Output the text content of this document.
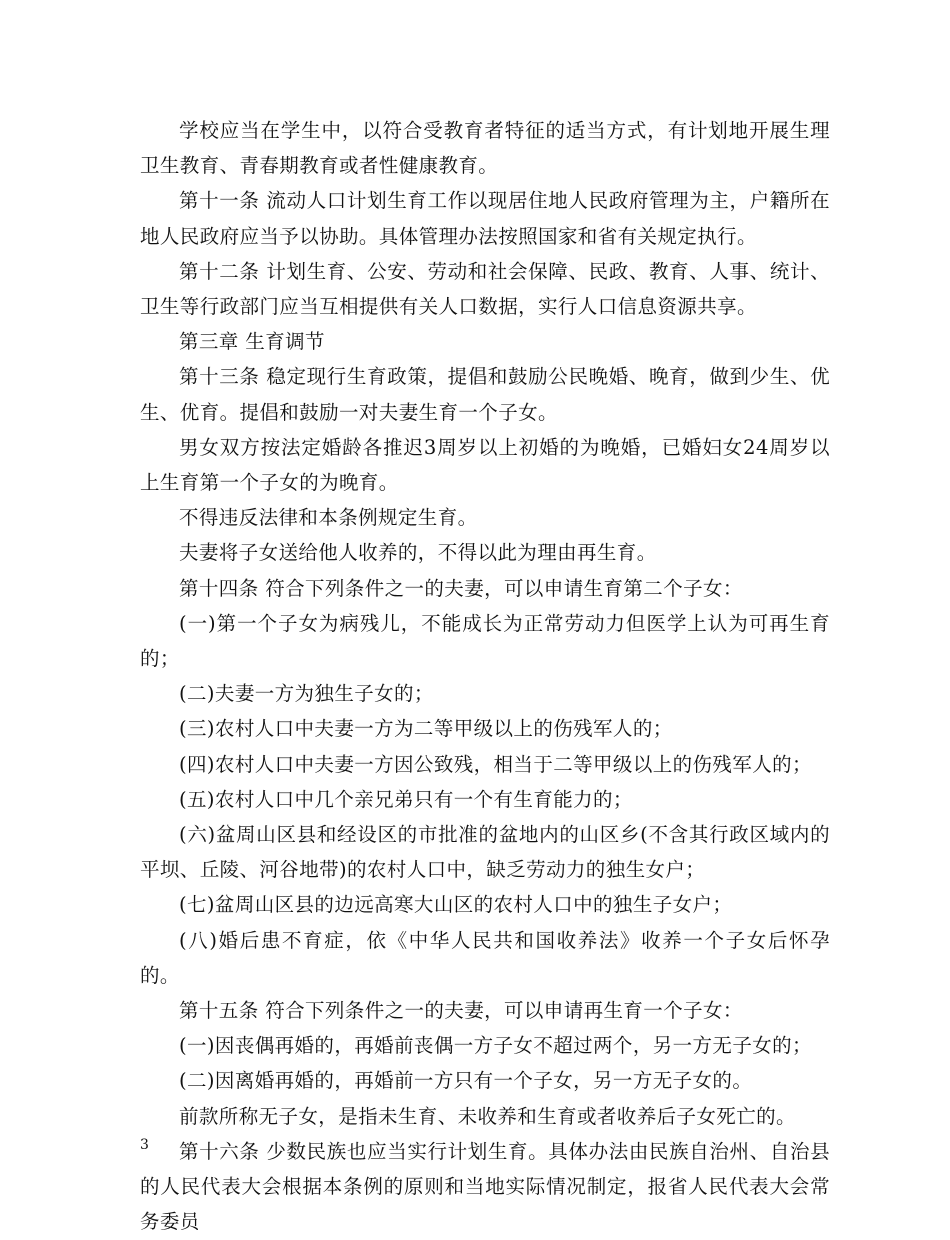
学校应当在学生中，以符合受教育者特征的适当方式，有计划地开展生理卫生教育、青春期教育或者性健康教育。

第十一条 流动人口计划生育工作以现居住地人民政府管理为主，户籍所在地人民政府应当予以协助。具体管理办法按照国家和省有关规定执行。

第十二条 计划生育、公安、劳动和社会保障、民政、教育、人事、统计、卫生等行政部门应当互相提供有关人口数据，实行人口信息资源共享。

第三章 生育调节

第十三条 稳定现行生育政策，提倡和鼓励公民晚婚、晚育，做到少生、优生、优育。提倡和鼓励一对夫妻生育一个子女。

男女双方按法定婚龄各推迟3周岁以上初婚的为晚婚，已婚妇女24周岁以上生育第一个子女的为晚育。

不得违反法律和本条例规定生育。

夫妻将子女送给他人收养的，不得以此为理由再生育。

第十四条 符合下列条件之一的夫妻，可以申请生育第二个子女：

(一)第一个子女为病残儿，不能成长为正常劳动力但医学上认为可再生育的；

(二)夫妻一方为独生子女的；

(三)农村人口中夫妻一方为二等甲级以上的伤残军人的；

(四)农村人口中夫妻一方因公致残，相当于二等甲级以上的伤残军人的；

(五)农村人口中几个亲兄弟只有一个有生育能力的；

(六)盆周山区县和经设区的市批准的盆地内的山区乡(不含其行政区域内的平坝、丘陵、河谷地带)的农村人口中，缺乏劳动力的独生女户；

(七)盆周山区县的边远高寒大山区的农村人口中的独生子女户；

(八)婚后患不育症，依《中华人民共和国收养法》收养一个子女后怀孕的。

第十五条 符合下列条件之一的夫妻，可以申请再生育一个子女：

(一)因丧偶再婚的，再婚前丧偶一方子女不超过两个，另一方无子女的；

(二)因离婚再婚的，再婚前一方只有一个子女，另一方无子女的。

前款所称无子女，是指未生育、未收养和生育或者收养后子女死亡的。

第十六条 少数民族也应当实行计划生育。具体办法由民族自治州、自治县的人民代表大会根据本条例的原则和当地实际情况制定，报省人民代表大会常务委员

3
